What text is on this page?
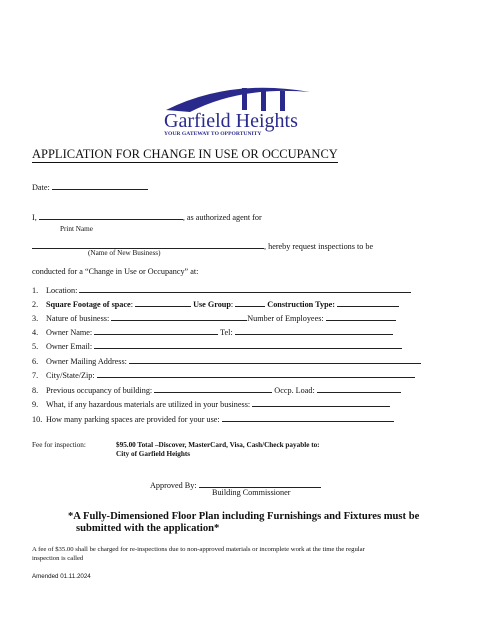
Garfield Heights
YOUR GATEWAY TO OPPORTUNITY
APPLICATION FOR CHANGE IN USE OR OCCUPANCY
Date:
I,	, as authorized agent for
Print Name
, hereby request inspections to be
(Name of New Business)
conducted for a “Change in Use or Occupancy” at:
1. Location:
2. Square Footage of space:	Use Group:	Construction Type:
3. Nature of business:	Number of Employees:
4. Owner Name:	Tel:
5. Owner Email:
6. Owner Mailing Address:
7. City/State/Zip:
8. Previous occupancy of building:	Occp. Load:
9. What, if any hazardous materials are utilized in your business:
10. How many parking spaces are provided for your use:
Fee for inspection:	$95.00 Total –Discover, MasterCard, Visa, Cash/Check payable to:
City of Garfield Heights
Approved By:
Building Commissioner
*A Fully-Dimensioned Floor Plan including Furnishings and Fixtures must be
submitted with the application*
A fee of $35.00 shall be charged for re-inspections due to non-approved materials or incomplete work at the time the regular
inspection is called
Amended 01.11.2024
